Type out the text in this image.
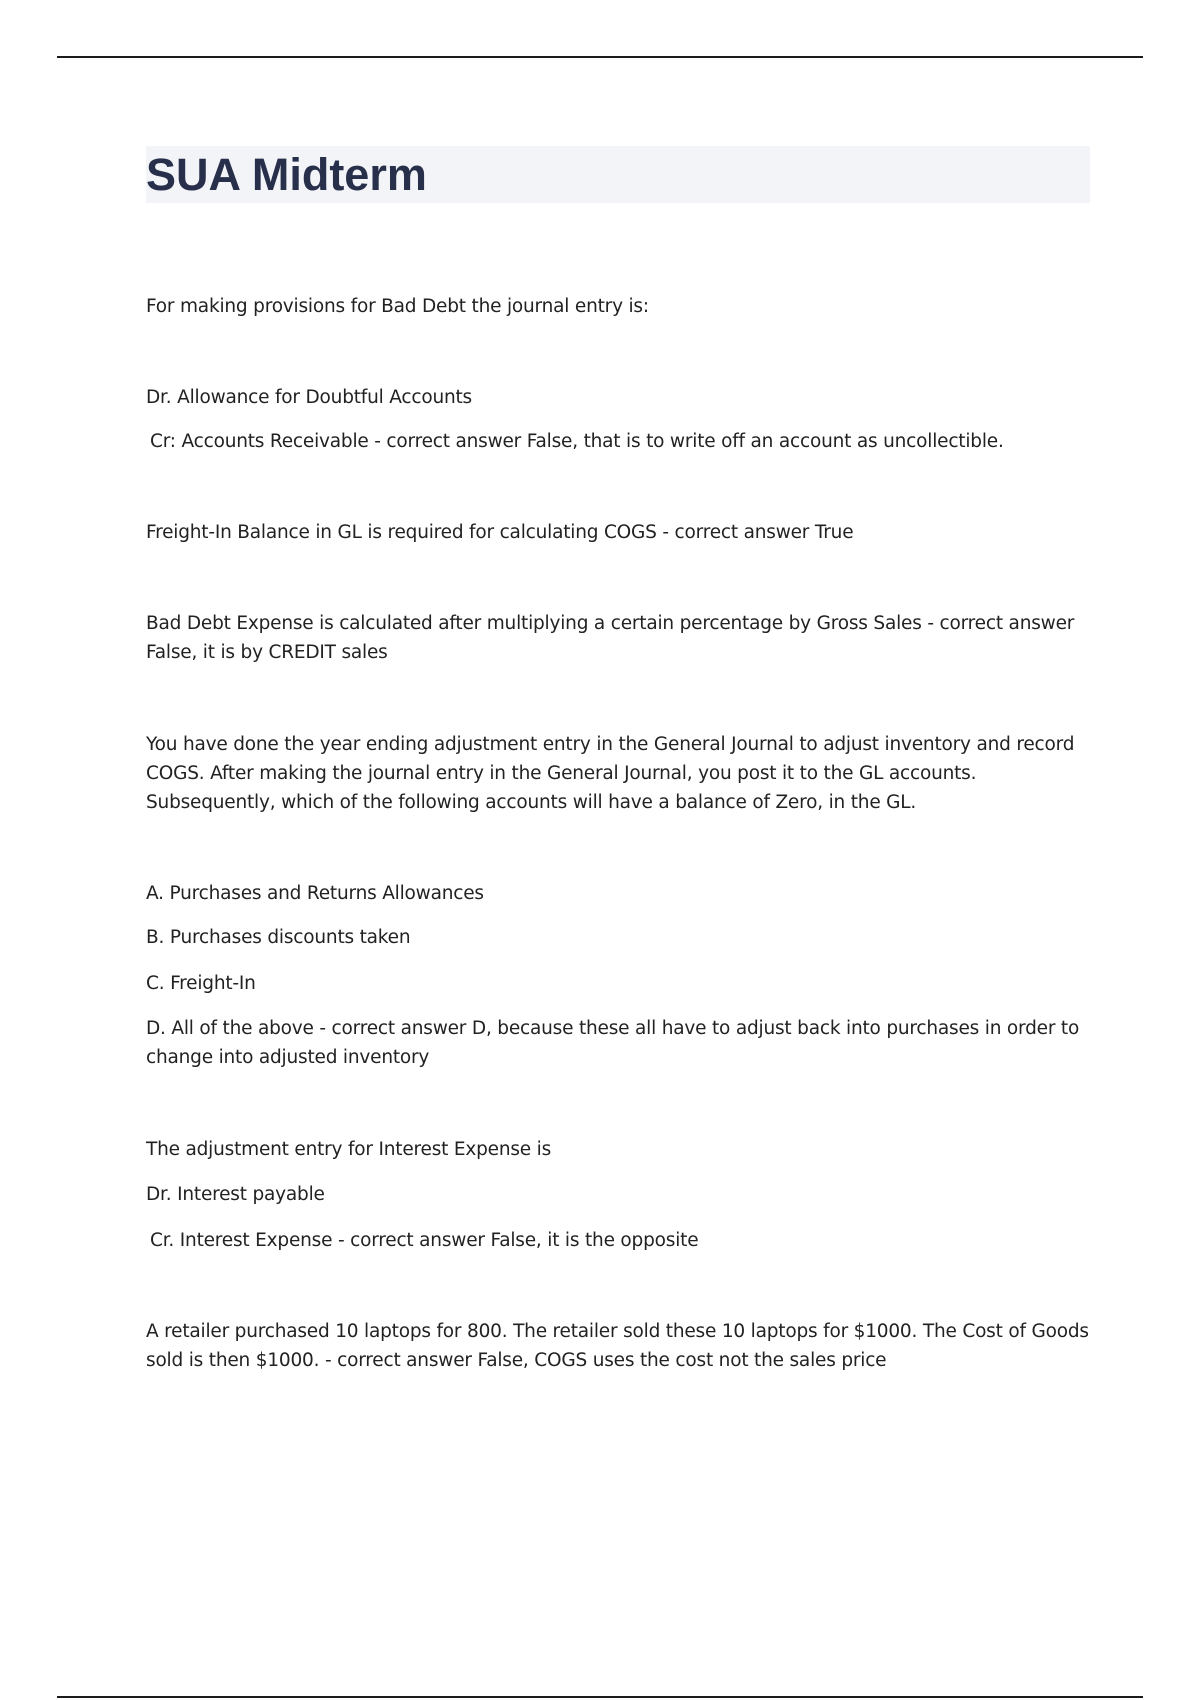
SUA Midterm

For making provisions for Bad Debt the journal entry is:

Dr. Allowance for Doubtful Accounts

Cr: Accounts Receivable - correct answer False, that is to write off an account as uncollectible.

Freight-In Balance in GL is required for calculating COGS - correct answer True

Bad Debt Expense is calculated after multiplying a certain percentage by Gross Sales - correct answer False, it is by CREDIT sales

You have done the year ending adjustment entry in the General Journal to adjust inventory and record COGS. After making the journal entry in the General Journal, you post it to the GL accounts. Subsequently, which of the following accounts will have a balance of Zero, in the GL.

A. Purchases and Returns Allowances

B. Purchases discounts taken

C. Freight-In

D. All of the above - correct answer D, because these all have to adjust back into purchases in order to change into adjusted inventory

The adjustment entry for Interest Expense is

Dr. Interest payable

Cr. Interest Expense - correct answer False, it is the opposite

A retailer purchased 10 laptops for 800. The retailer sold these 10 laptops for $1000. The Cost of Goods sold is then $1000. - correct answer False, COGS uses the cost not the sales price
